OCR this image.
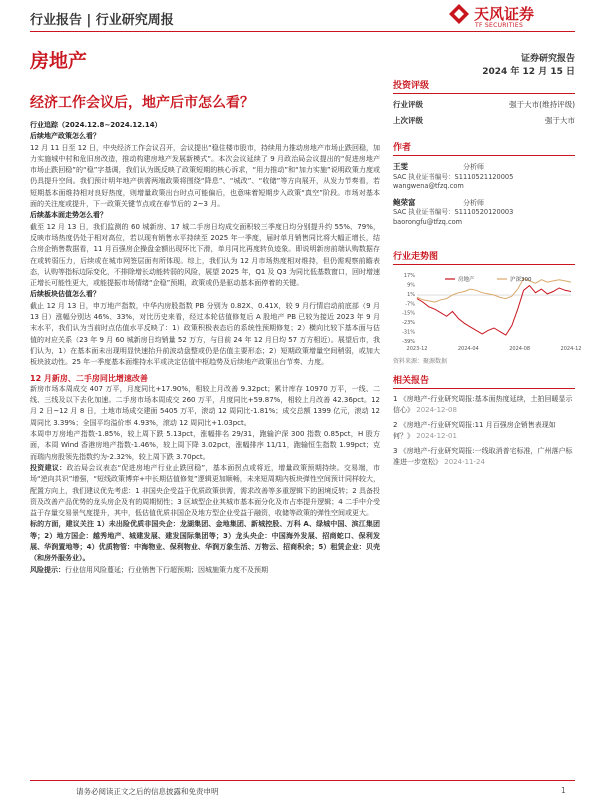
行业报告 | 行业研究周报	天风证券
TF SECURITIES
房地产	证券研究报告
2024 年 12 月 15 日
经济工作会议后，地产后市怎么看？
行业追踪（2024.12.8~2024.12.14）
后续地产政策怎么看？

12 月 11 日至 12 日，中央经济工作会议召开，会议提出“稳住楼市股市，持续用力推动房地产市场止跌回稳，加力实施城中村和危旧房改造，推动构建房地产发展新模式”。本次会议延续了 9 月政治局会议提出的“促进房地产市场止跌回稳”的“稳”字基调，我们认为既反映了政策短期的核心诉求，“用力推动”和“加力实施”说明政策力度或仍具提升空间。我们预计明年地产供需两端政策将围绕“降息”、“城改”、“收储”等方向展开，从发力节奏看，若短期基本面维持相对良好热度，则增量政策出台时点可能偏后，也意味着短期步入政策“真空”阶段。市场对基本面的关注度或提升，下一政策关键节点或在春节后的 2~3 月。

后续基本面走势怎么看？

截至 12 月 13 日，我们监测的 60 城新房、17 城二手房日均成交面积较三季度日均分别提升约 55%、79%，反映市场热度仍处于相对高位，若以现有销售水平持续至 2025 年一季度，届时单月销售同比将大幅正增长，结合房企销售数据看，11 月百强房企操盘金额出现环比下滑，单月同比再度转负迹象。即说明新房前端认购数据存在或转弱压力，后续或在城市网签层面有所体现。综上，我们认为 12 月市场热度相对维持，但仍需观察前瞻表态，认购等指标边际变化，不排除增长动能转弱的风险，展望 2025 年，Q1 及 Q3 为同比低基数窗口，回时增速正增长可能性更大，或能提振市场情绪“企稳”预期，政策或仍是驱动基本面停着的关键。

后续板块估值怎么看？

截止 12 月 13 日，申万地产指数，中华内房股指数 PB 分别为 0.82X、0.41X，较 9 月行情启动前底部（9 月 13 日）涨幅分别达 46%、33%，对比历史来看，经过本轮估值修复后 A 股地产 PB 已较为接近 2023 年 9 月末水平，我们认为当前时点估值水平反映了：1）政策积极表态后的系统性预期修复；2）横向比较下基本面与估值的对应关系（23 年 9 月 60 城新房日均销量 52 万方，与目前 24 年 12 月日均 57 万方相近）。展望后市，我们认为，1）在基本面未出现明显快速抬升前波动盘整或仍是估值主要形态；2）短期政策增量空间稍弱，或加大板块波动性。25 年一季度基本面维持水平或决定估值中枢趋势及后续地产政策出台节奏、力度。

12 月新房、二手房同比增速改善

新房市场本周成交 407 万平，月度同比+17.90%，相较上月改善 9.32pct；累计库存 10970 万平，一线、二线、三线及以下去化加速。二手房市场本周成交 260 万平，月度同比+59.87%，相较上月改善 42.36pct。12 月 2 日~12 月 8 日，土地市场成交建面 5405 万平，滚动 12 周同比-1.81%；成交总额 1399 亿元，滚动 12 周同比 3.39%；全国平均溢价率 4.93%，滚动 12 周同比+1.03pct。

本周申万房地产指数-1.85%，较上周下跌 5.13pct，涨幅排名 29/31，跑输沪深 300 指数 0.85pct，H 股方面，本周 Wind 香港房地产指数-1.46%，较上周下降 3.02pct，涨幅排序 11/11，跑输恒生指数 1.99pct；克而瑞内房股领先指数约为-2.32%，较上周下跌 3.70pct。

投资建议：政治局会议表态“促进房地产行业止跌回稳”，基本面拐点或将近，增量政策预期持续。交易端，市场“逆向共识”增强，“短线政策博弈+中长期估值修复”逻辑更加顺畅，未来短周期内板块弹性空间预计同样较大，配置方向上，我们建议优先考虑：1 非国央企受益于优质政策供需，需求改善等多重逻辑下的困境反转；2 具备投资及改善产品优势的龙头房企及有的周期韧性；3 区域型企业其城市基本面分化及市占率提升逻辑；4 二手中介受益于存量交易景气度提升，其中，低估值优质非国企及地方型企业受益于融资，收储等政策的弹性空间或更大。

标的方面，建议关注 1）未出险优质非国央企：龙湖集团、金地集团、新城控股、万科 A、绿城中国、滨江集团等；2）地方国企：越秀地产、城建发展、建发国际集团等；3）龙头央企：中国海外发展、招商蛇口、保利发展、华润置地等；4）优质物管：中海物业、保利物业、华润万象生活、万物云、招商积余；5）租赁企业：贝壳（和房外服务业）。

风险提示：行业信用风险蔓延；行业销售下行超预期；因城施策力度不及预期

投资评级
行业评级	强于大市(维持评级)
上次评级	强于大市
作者
王雯	分析师
SAC 执业证书编号：S1110521120005
wangwena@tfzq.com
鲍荣富	分析师
SAC 执业证书编号：S1110520120003
baorongfu@tfzq.com
行业走势图
17%
9%
1%
-7%
-15%
-23%
-31%
-39%
2023-12	2024-04	2024-08	2024-12
房地产	沪深300
资料来源：聚源数据
相关报告
1 《房地产-行业研究周报:基本面热度延续，土拍回暖显示信心》 2024-12-08
2 《房地产-行业研究周报:11 月百强房企销售表现如何？》 2024-12-01
3 《房地产-行业研究周报:一线取消普宅标准，广州落户标准进一步宽松》 2024-11-24
请务必阅读正文之后的信息披露和免责申明	1
